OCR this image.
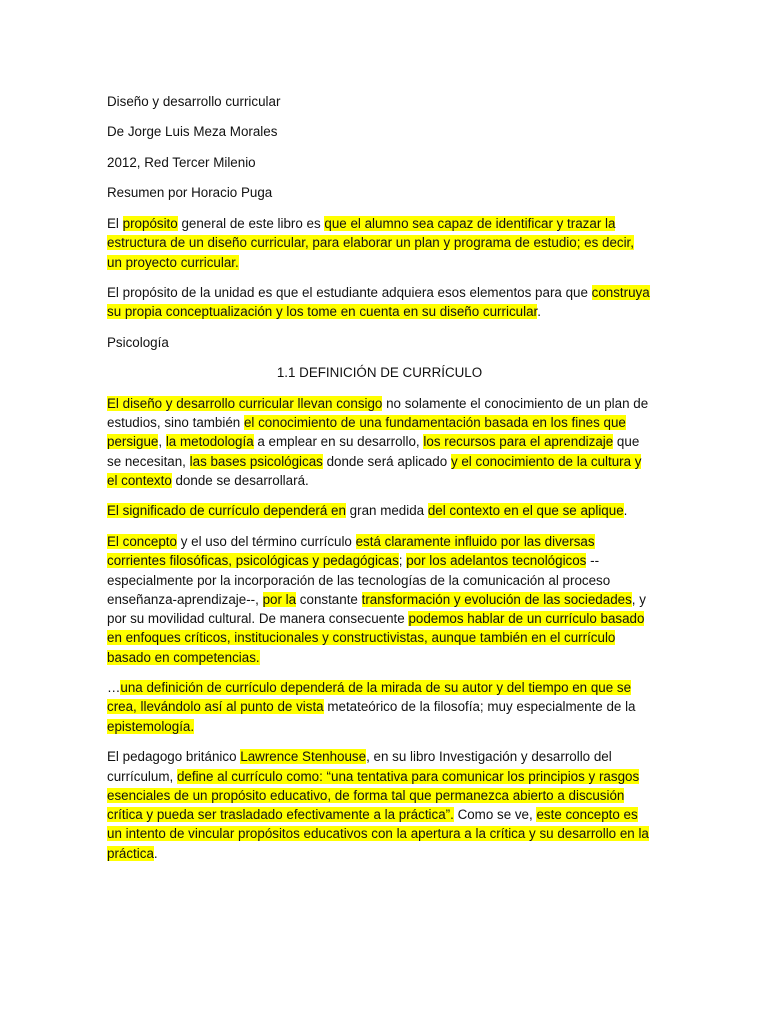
Diseño y desarrollo curricular
De Jorge Luis Meza Morales
2012, Red Tercer Milenio
Resumen por Horacio Puga

El propósito general de este libro es que el alumno sea capaz de identificar y trazar la estructura de un diseño curricular, para elaborar un plan y programa de estudio; es decir, un proyecto curricular.

El propósito de la unidad es que el estudiante adquiera esos elementos para que construya su propia conceptualización y los tome en cuenta en su diseño curricular.

Psicología
1.1 DEFINICIÓN DE CURRÍCULO

El diseño y desarrollo curricular llevan consigo no solamente el conocimiento de un plan de estudios, sino también el conocimiento de una fundamentación basada en los fines que persigue, la metodología a emplear en su desarrollo, los recursos para el aprendizaje que se necesitan, las bases psicológicas donde será aplicado y el conocimiento de la cultura y el contexto donde se desarrollará.

El significado de currículo dependerá en gran medida del contexto en el que se aplique.

El concepto y el uso del término currículo está claramente influido por las diversas corrientes filosóficas, psicológicas y pedagógicas; por los adelantos tecnológicos --especialmente por la incorporación de las tecnologías de la comunicación al proceso enseñanza-aprendizaje--, por la constante transformación y evolución de las sociedades, y por su movilidad cultural. De manera consecuente podemos hablar de un currículo basado en enfoques críticos, institucionales y constructivistas, aunque también en el currículo basado en competencias.

…una definición de currículo dependerá de la mirada de su autor y del tiempo en que se crea, llevándolo así al punto de vista metateórico de la filosofía; muy especialmente de la epistemología.

El pedagogo británico Lawrence Stenhouse, en su libro Investigación y desarrollo del currículum, define al currículo como: “una tentativa para comunicar los principios y rasgos esenciales de un propósito educativo, de forma tal que permanezca abierto a discusión crítica y pueda ser trasladado efectivamente a la práctica”. Como se ve, este concepto es un intento de vincular propósitos educativos con la apertura a la crítica y su desarrollo en la práctica.
